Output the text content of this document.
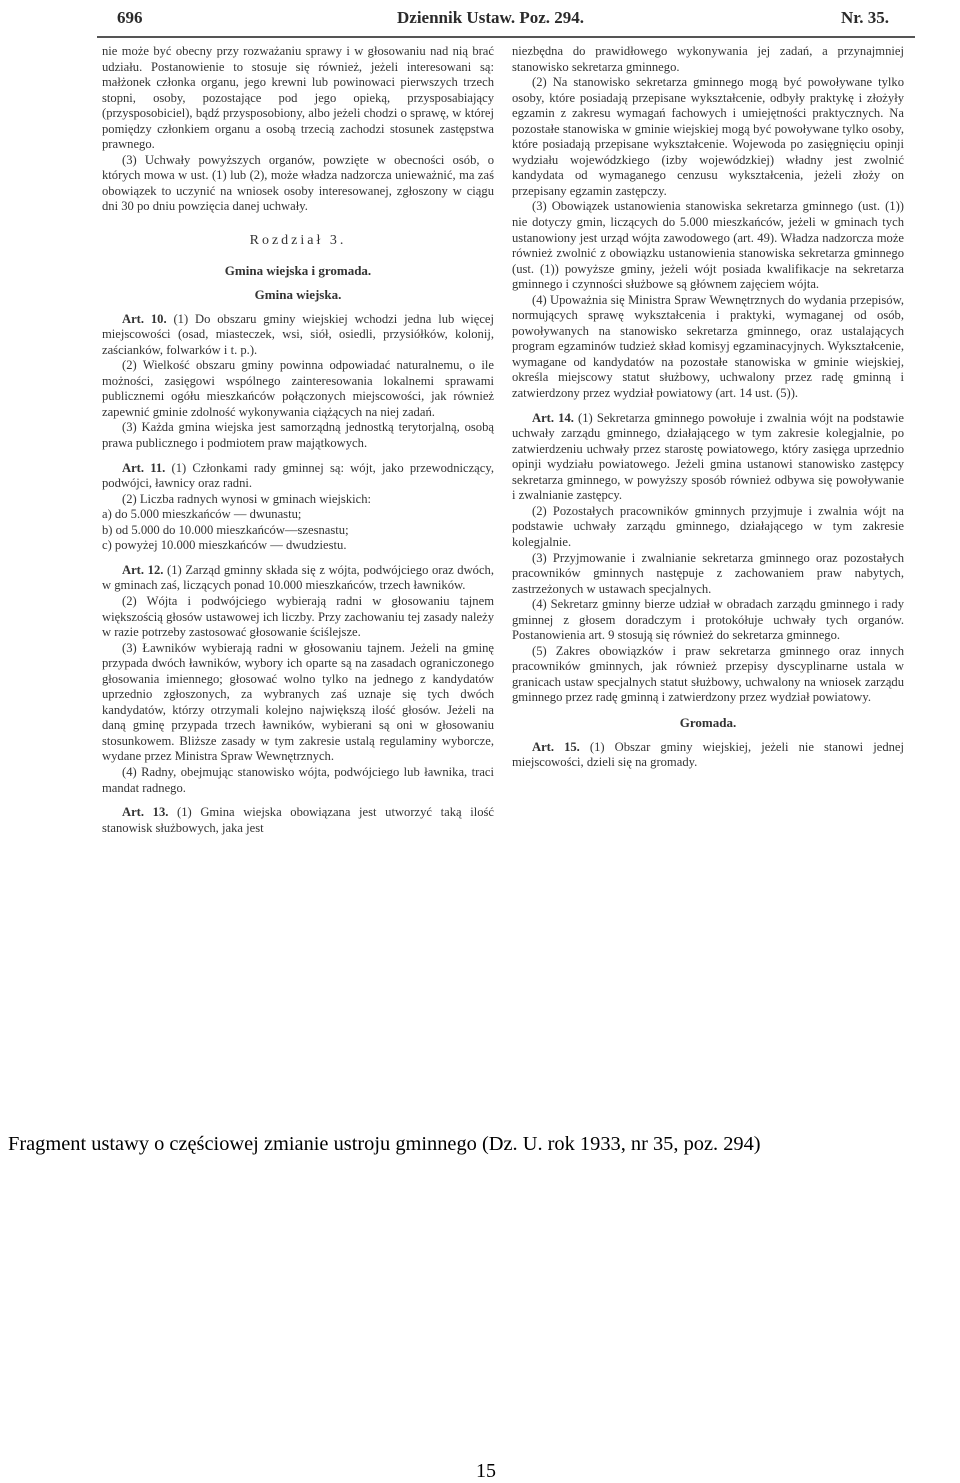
696	Dziennik Ustaw. Poz. 294.	Nr. 35.

nie może być obecny przy rozważaniu sprawy i w głosowaniu nad nią brać udziału. Postanowienie to stosuje się również, jeżeli interesowani są: małżonek członka organu, jego krewni lub powinowaci pierwszych trzech stopni, osoby, pozostające pod jego opieką, przysposabiający (przysposobiciel), bądź przysposobiony, albo jeżeli chodzi o sprawę, w której pomiędzy członkiem organu a osobą trzecią zachodzi stosunek zastępstwa prawnego.

(3) Uchwały powyższych organów, powzięte w obecności osób, o których mowa w ust. (1) lub (2), może władza nadzorcza unieważnić, ma zaś obowiązek to uczynić na wniosek osoby interesowanej, zgłoszony w ciągu dni 30 po dniu powzięcia danej uchwały.

Rozdział 3.
Gmina wiejska i gromada.
Gmina wiejska.

Art. 10. (1) Do obszaru gminy wiejskiej wchodzi jedna lub więcej miejscowości (osad, miasteczek, wsi, siół, osiedli, przysiółków, kolonij, zaścianków, folwarków i t. p.).

(2) Wielkość obszaru gminy powinna odpowiadać naturalnemu, o ile możności, zasięgowi wspólnego zainteresowania lokalnemi sprawami publicznemi ogółu mieszkańców połączonych miejscowości, jak również zapewnić gminie zdolność wykonywania ciążących na niej zadań.

(3) Każda gmina wiejska jest samorządną jednostką terytorjalną, osobą prawa publicznego i podmiotem praw majątkowych.

Art. 11. (1) Członkami rady gminnej są: wójt, jako przewodniczący, podwójci, ławnicy oraz radni.

(2) Liczba radnych wynosi w gminach wiejskich:

a) do 5.000 mieszkańców — dwunastu;

b) od 5.000 do 10.000 mieszkańców—szesnastu;

c) powyżej 10.000 mieszkańców — dwudziestu.

Art. 12. (1) Zarząd gminny składa się z wójta, podwójciego oraz dwóch, w gminach zaś, liczących ponad 10.000 mieszkańców, trzech ławników.

(2) Wójta i podwójciego wybierają radni w głosowaniu tajnem większością głosów ustawowej ich liczby. Przy zachowaniu tej zasady należy w razie potrzeby zastosować głosowanie ściślejsze.

(3) Ławników wybierają radni w głosowaniu tajnem. Jeżeli na gminę przypada dwóch ławników, wybory ich oparte są na zasadach ograniczonego głosowania imiennego; głosować wolno tylko na jednego z kandydatów uprzednio zgłoszonych, za wybranych zaś uznaje się tych dwóch kandydatów, którzy otrzymali kolejno największą ilość głosów. Jeżeli na daną gminę przypada trzech ławników, wybierani są oni w głosowaniu stosunkowem. Bliższe zasady w tym zakresie ustalą regulaminy wyborcze, wydane przez Ministra Spraw Wewnętrznych.

(4) Radny, obejmując stanowisko wójta, podwójciego lub ławnika, traci mandat radnego.

Art. 13. (1) Gmina wiejska obowiązana jest utworzyć taką ilość stanowisk służbowych, jaka jest

niezbędna do prawidłowego wykonywania jej zadań, a przynajmniej stanowisko sekretarza gminnego.

(2) Na stanowisko sekretarza gminnego mogą być powoływane tylko osoby, które posiadają przepisane wykształcenie, odbyły praktykę i złożyły egzamin z zakresu wymagań fachowych i umiejętności praktycznych. Na pozostałe stanowiska w gminie wiejskiej mogą być powoływane tylko osoby, które posiadają przepisane wykształcenie. Wojewoda po zasięgnięciu opinji wydziału wojewódzkiego (izby wojewódzkiej) władny jest zwolnić kandydata od wymaganego cenzusu wykształcenia, jeżeli złoży on przepisany egzamin zastępczy.

(3) Obowiązek ustanowienia stanowiska sekretarza gminnego (ust. (1)) nie dotyczy gmin, liczących do 5.000 mieszkańców, jeżeli w gminach tych ustanowiony jest urząd wójta zawodowego (art. 49). Władza nadzorcza może również zwolnić z obowiązku ustanowienia stanowiska sekretarza gminnego (ust. (1)) powyższe gminy, jeżeli wójt posiada kwalifikacje na sekretarza gminnego i czynności służbowe są głównem zajęciem wójta.

(4) Upoważnia się Ministra Spraw Wewnętrznych do wydania przepisów, normujących sprawę wykształcenia i praktyki, wymaganej od osób, powoływanych na stanowisko sekretarza gminnego, oraz ustalających program egzaminów tudzież skład komisyj egzaminacyjnych. Wykształcenie, wymagane od kandydatów na pozostałe stanowiska w gminie wiejskiej, określa miejscowy statut służbowy, uchwalony przez radę gminną i zatwierdzony przez wydział powiatowy (art. 14 ust. (5)).

Art. 14. (1) Sekretarza gminnego powołuje i zwalnia wójt na podstawie uchwały zarządu gminnego, działającego w tym zakresie kolegjalnie, po zatwierdzeniu uchwały przez starostę powiatowego, który zasięga uprzednio opinji wydziału powiatowego. Jeżeli gmina ustanowi stanowisko zastępcy sekretarza gminnego, w powyższy sposób również odbywa się powoływanie i zwalnianie zastępcy.

(2) Pozostałych pracowników gminnych przyjmuje i zwalnia wójt na podstawie uchwały zarządu gminnego, działającego w tym zakresie kolegjalnie.

(3) Przyjmowanie i zwalnianie sekretarza gminnego oraz pozostałych pracowników gminnych następuje z zachowaniem praw nabytych, zastrzeżonych w ustawach specjalnych.

(4) Sekretarz gminny bierze udział w obradach zarządu gminnego i rady gminnej z głosem doradczym i protokółuje uchwały tych organów. Postanowienia art. 9 stosują się również do sekretarza gminnego.

(5) Zakres obowiązków i praw sekretarza gminnego oraz innych pracowników gminnych, jak również przepisy dyscyplinarne ustala w granicach ustaw specjalnych statut służbowy, uchwalony na wniosek zarządu gminnego przez radę gminną i zatwierdzony przez wydział powiatowy.

Gromada.

Art. 15. (1) Obszar gminy wiejskiej, jeżeli nie stanowi jednej miejscowości, dzieli się na gromady.

Fragment ustawy o częściowej zmianie ustroju gminnego (Dz. U. rok 1933, nr 35, poz. 294)
15
